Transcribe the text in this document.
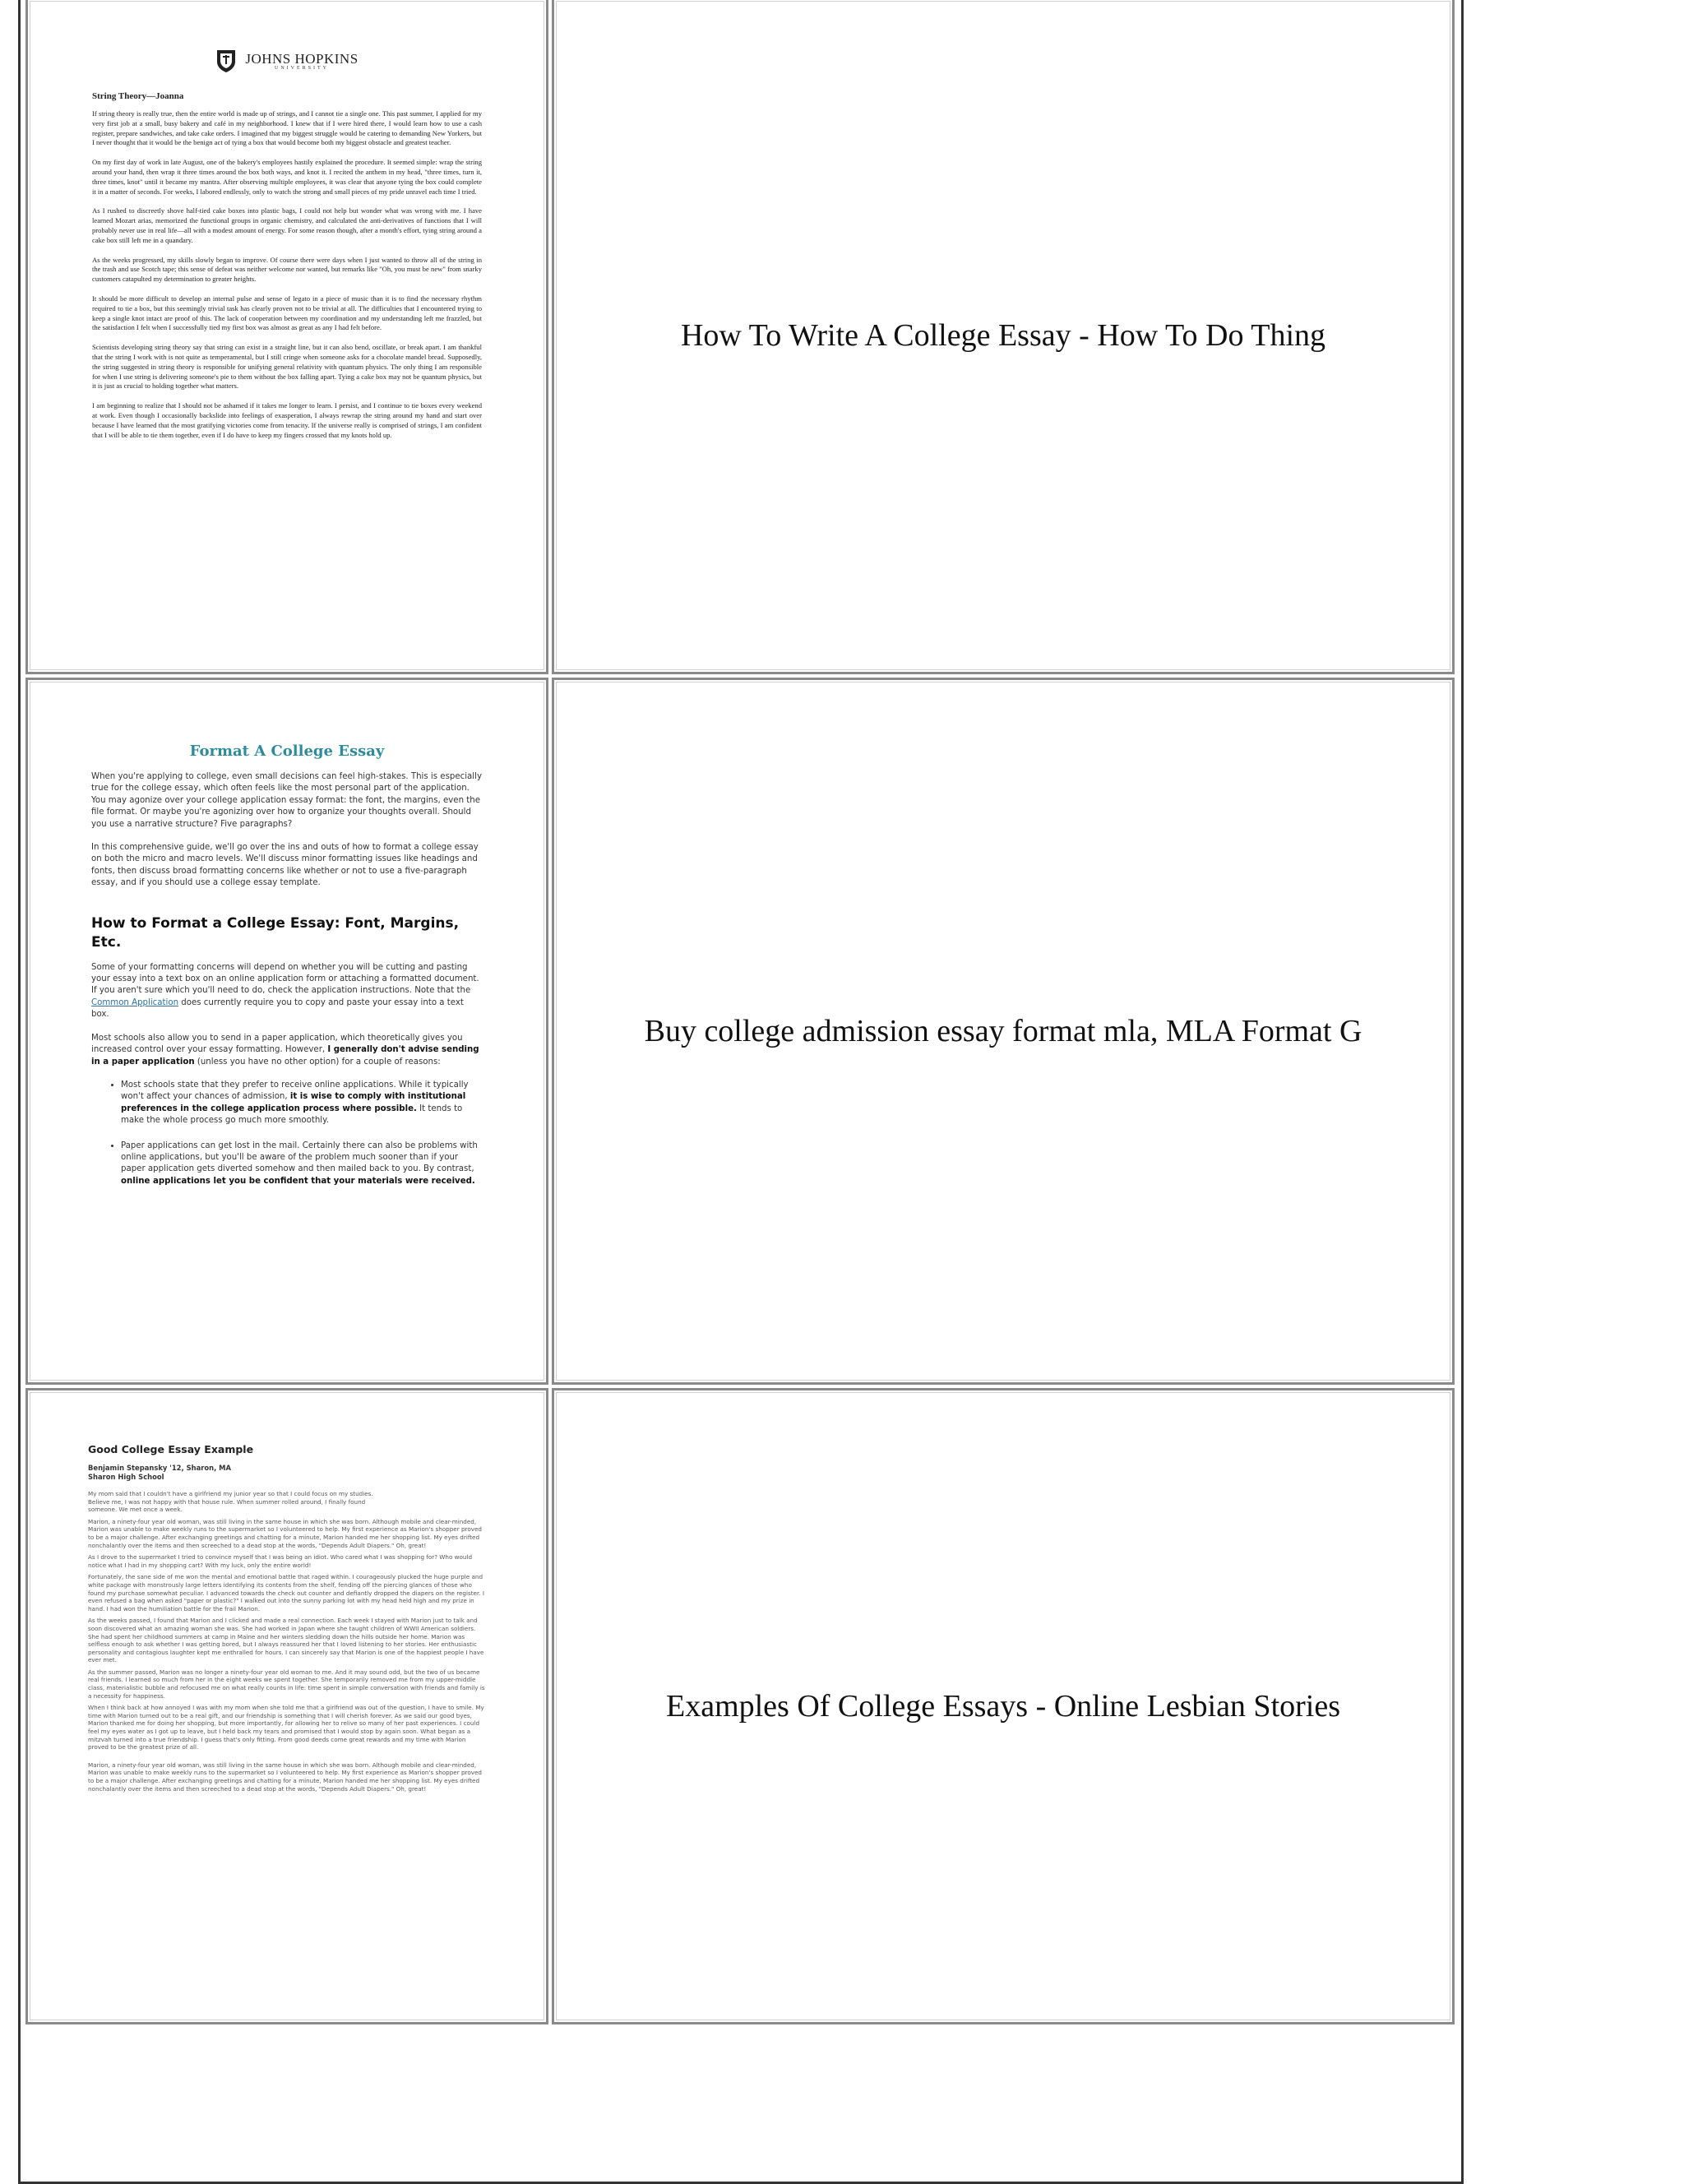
JOHNS HOPKINS
UNIVERSITY
String Theory—Joanna

If string theory is really true, then the entire world is made up of strings, and I cannot tie a single one. This past summer, I applied for my very first job at a small, busy bakery and café in my neighborhood. I knew that if I were hired there, I would learn how to use a cash register, prepare sandwiches, and take cake orders. I imagined that my biggest struggle would be catering to demanding New Yorkers, but I never thought that it would be the benign act of tying a box that would become both my biggest obstacle and greatest teacher.

On my first day of work in late August, one of the bakery's employees hastily explained the procedure. It seemed simple: wrap the string around your hand, then wrap it three times around the box both ways, and knot it. I recited the anthem in my head, "three times, turn it, three times, knot" until it became my mantra. After observing multiple employees, it was clear that anyone tying the box could complete it in a matter of seconds. For weeks, I labored endlessly, only to watch the strong and small pieces of my pride unravel each time I tried.

As I rushed to discreetly shove half-tied cake boxes into plastic bags, I could not help but wonder what was wrong with me. I have learned Mozart arias, memorized the functional groups in organic chemistry, and calculated the anti-derivatives of functions that I will probably never use in real life—all with a modest amount of energy. For some reason though, after a month's effort, tying string around a cake box still left me in a quandary.

As the weeks progressed, my skills slowly began to improve. Of course there were days when I just wanted to throw all of the string in the trash and use Scotch tape; this sense of defeat was neither welcome nor wanted, but remarks like "Oh, you must be new" from snarky customers catapulted my determination to greater heights.

It should be more difficult to develop an internal pulse and sense of legato in a piece of music than it is to find the necessary rhythm required to tie a box, but this seemingly trivial task has clearly proven not to be trivial at all. The difficulties that I encountered trying to keep a single knot intact are proof of this. The lack of cooperation between my coordination and my understanding left me frazzled, but the satisfaction I felt when I successfully tied my first box was almost as great as any I had felt before.

Scientists developing string theory say that string can exist in a straight line, but it can also bend, oscillate, or break apart. I am thankful that the string I work with is not quite as temperamental, but I still cringe when someone asks for a chocolate mandel bread. Supposedly, the string suggested in string theory is responsible for unifying general relativity with quantum physics. The only thing I am responsible for when I use string is delivering someone's pie to them without the box falling apart. Tying a cake box may not be quantum physics, but it is just as crucial to holding together what matters.

I am beginning to realize that I should not be ashamed if it takes me longer to learn. I persist, and I continue to tie boxes every weekend at work. Even though I occasionally backslide into feelings of exasperation, I always rewrap the string around my hand and start over because I have learned that the most gratifying victories come from tenacity. If the universe really is comprised of strings, I am confident that I will be able to tie them together, even if I do have to keep my fingers crossed that my knots hold up.

How To Write A College Essay - How To Do Thing
Format A College Essay

When you're applying to college, even small decisions can feel high-stakes. This is especially true for the college essay, which often feels like the most personal part of the application. You may agonize over your college application essay format: the font, the margins, even the file format. Or maybe you're agonizing over how to organize your thoughts overall. Should you use a narrative structure? Five paragraphs?

In this comprehensive guide, we'll go over the ins and outs of how to format a college essay on both the micro and macro levels. We'll discuss minor formatting issues like headings and fonts, then discuss broad formatting concerns like whether or not to use a five-paragraph essay, and if you should use a college essay template.

How to Format a College Essay: Font, Margins, Etc.

Some of your formatting concerns will depend on whether you will be cutting and pasting your essay into a text box on an online application form or attaching a formatted document. If you aren't sure which you'll need to do, check the application instructions. Note that the Common Application does currently require you to copy and paste your essay into a text box.

Most schools also allow you to send in a paper application, which theoretically gives you increased control over your essay formatting. However, I generally don't advise sending in a paper application (unless you have no other option) for a couple of reasons:

• Most schools state that they prefer to receive online applications. While it typically won't affect your chances of admission, it is wise to comply with institutional preferences in the college application process where possible. It tends to make the whole process go much more smoothly.
• Paper applications can get lost in the mail. Certainly there can also be problems with online applications, but you'll be aware of the problem much sooner than if your paper application gets diverted somehow and then mailed back to you. By contrast, online applications let you be confident that your materials were received.
Buy college admission essay format mla, MLA Format G
Good College Essay Example
Benjamin Stepansky '12, Sharon, MA
Sharon High School

My mom said that I couldn't have a girlfriend my junior year so that I could focus on my studies. Believe me, I was not happy with that house rule. When summer rolled around, I finally found someone. We met once a week.

Marion, a ninety-four year old woman, was still living in the same house in which she was born. Although mobile and clear-minded, Marion was unable to make weekly runs to the supermarket so I volunteered to help. My first experience as Marion's shopper proved to be a major challenge. After exchanging greetings and chatting for a minute, Marion handed me her shopping list. My eyes drifted nonchalantly over the items and then screeched to a dead stop at the words, "Depends Adult Diapers." Oh, great!

As I drove to the supermarket I tried to convince myself that I was being an idiot. Who cared what I was shopping for? Who would notice what I had in my shopping cart? With my luck, only the entire world!

Fortunately, the sane side of me won the mental and emotional battle that raged within. I courageously plucked the huge purple and white package with monstrously large letters identifying its contents from the shelf, fending off the piercing glances of those who found my purchase somewhat peculiar. I advanced towards the check out counter and defiantly dropped the diapers on the register. I even refused a bag when asked "paper or plastic?" I walked out into the sunny parking lot with my head held high and my prize in hand. I had won the humiliation battle for the frail Marion.

As the weeks passed, I found that Marion and I clicked and made a real connection. Each week I stayed with Marion just to talk and soon discovered what an amazing woman she was. She had worked in Japan where she taught children of WWII American soldiers. She had spent her childhood summers at camp in Maine and her winters sledding down the hills outside her home. Marion was selfless enough to ask whether I was getting bored, but I always reassured her that I loved listening to her stories. Her enthusiastic personality and contagious laughter kept me enthralled for hours. I can sincerely say that Marion is one of the happiest people I have ever met.

As the summer passed, Marion was no longer a ninety-four year old woman to me. And it may sound odd, but the two of us became real friends. I learned so much from her in the eight weeks we spent together. She temporarily removed me from my upper-middle class, materialistic bubble and refocused me on what really counts in life: time spent in simple conversation with friends and family is a necessity for happiness.

When I think back at how annoyed I was with my mom when she told me that a girlfriend was out of the question, I have to smile. My time with Marion turned out to be a real gift, and our friendship is something that I will cherish forever. As we said our good byes, Marion thanked me for doing her shopping, but more importantly, for allowing her to relive so many of her past experiences. I could feel my eyes water as I got up to leave, but I held back my tears and promised that I would stop by again soon. What began as a mitzvah turned into a true friendship. I guess that's only fitting. From good deeds come great rewards and my time with Marion proved to be the greatest prize of all.

Marion, a ninety-four year old woman, was still living in the same house in which she was born. Although mobile and clear-minded, Marion was unable to make weekly runs to the supermarket so I volunteered to help. My first experience as Marion's shopper proved to be a major challenge. After exchanging greetings and chatting for a minute, Marion handed me her shopping list. My eyes drifted nonchalantly over the items and then screeched to a dead stop at the words, "Depends Adult Diapers." Oh, great!

Examples Of College Essays - Online Lesbian Stories
